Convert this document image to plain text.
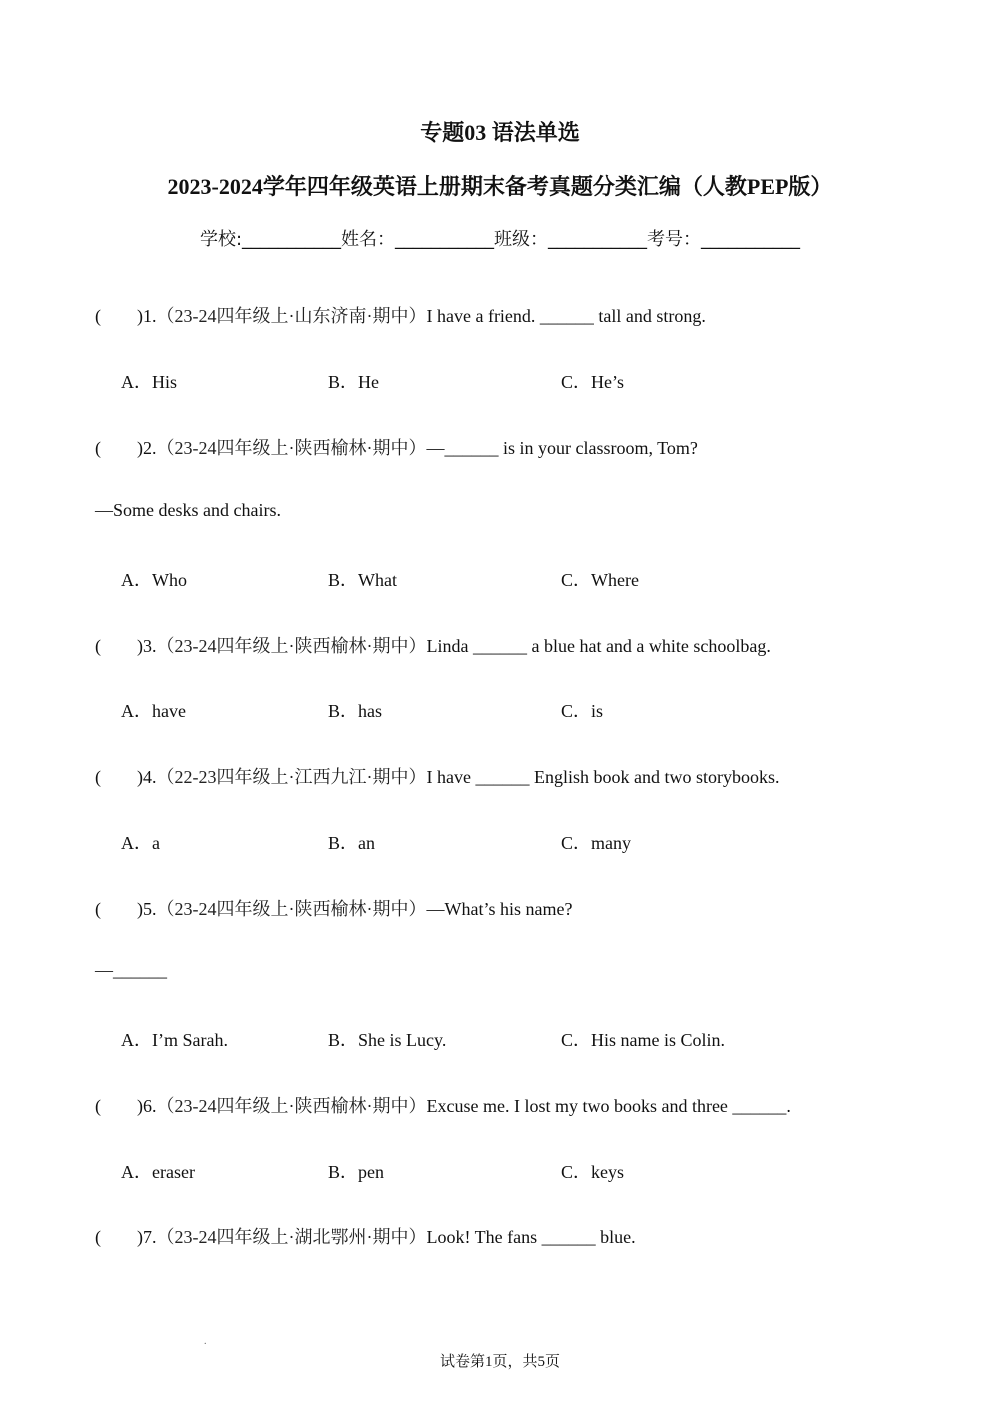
专题03 语法单选
2023-2024学年四年级英语上册期末备考真题分类汇编（人教PEP版）
学校:___________姓名：___________班级：___________考号：___________
(　　)1.（23-24四年级上·山东济南·期中）I have a friend. ______ tall and strong.
A．His	B．He	C．He’s
(　　)2.（23-24四年级上·陕西榆林·期中）—______ is in your classroom, Tom?
—Some desks and chairs.
A．Who	B．What	C．Where
(　　)3.（23-24四年级上·陕西榆林·期中）Linda ______ a blue hat and a white schoolbag.
A．have	B．has	C．is
(　　)4.（22-23四年级上·江西九江·期中）I have ______ English book and two storybooks.
A．a	B．an	C．many
(　　)5.（23-24四年级上·陕西榆林·期中）—What’s his name?
—______
A．I’m Sarah.	B．She is Lucy.	C．His name is Colin.
(　　)6.（23-24四年级上·陕西榆林·期中）Excuse me. I lost my two books and three ______.
A．eraser	B．pen	C．keys
(　　)7.（23-24四年级上·湖北鄂州·期中）Look! The fans ______ blue.
.
试卷第1页，共5页
